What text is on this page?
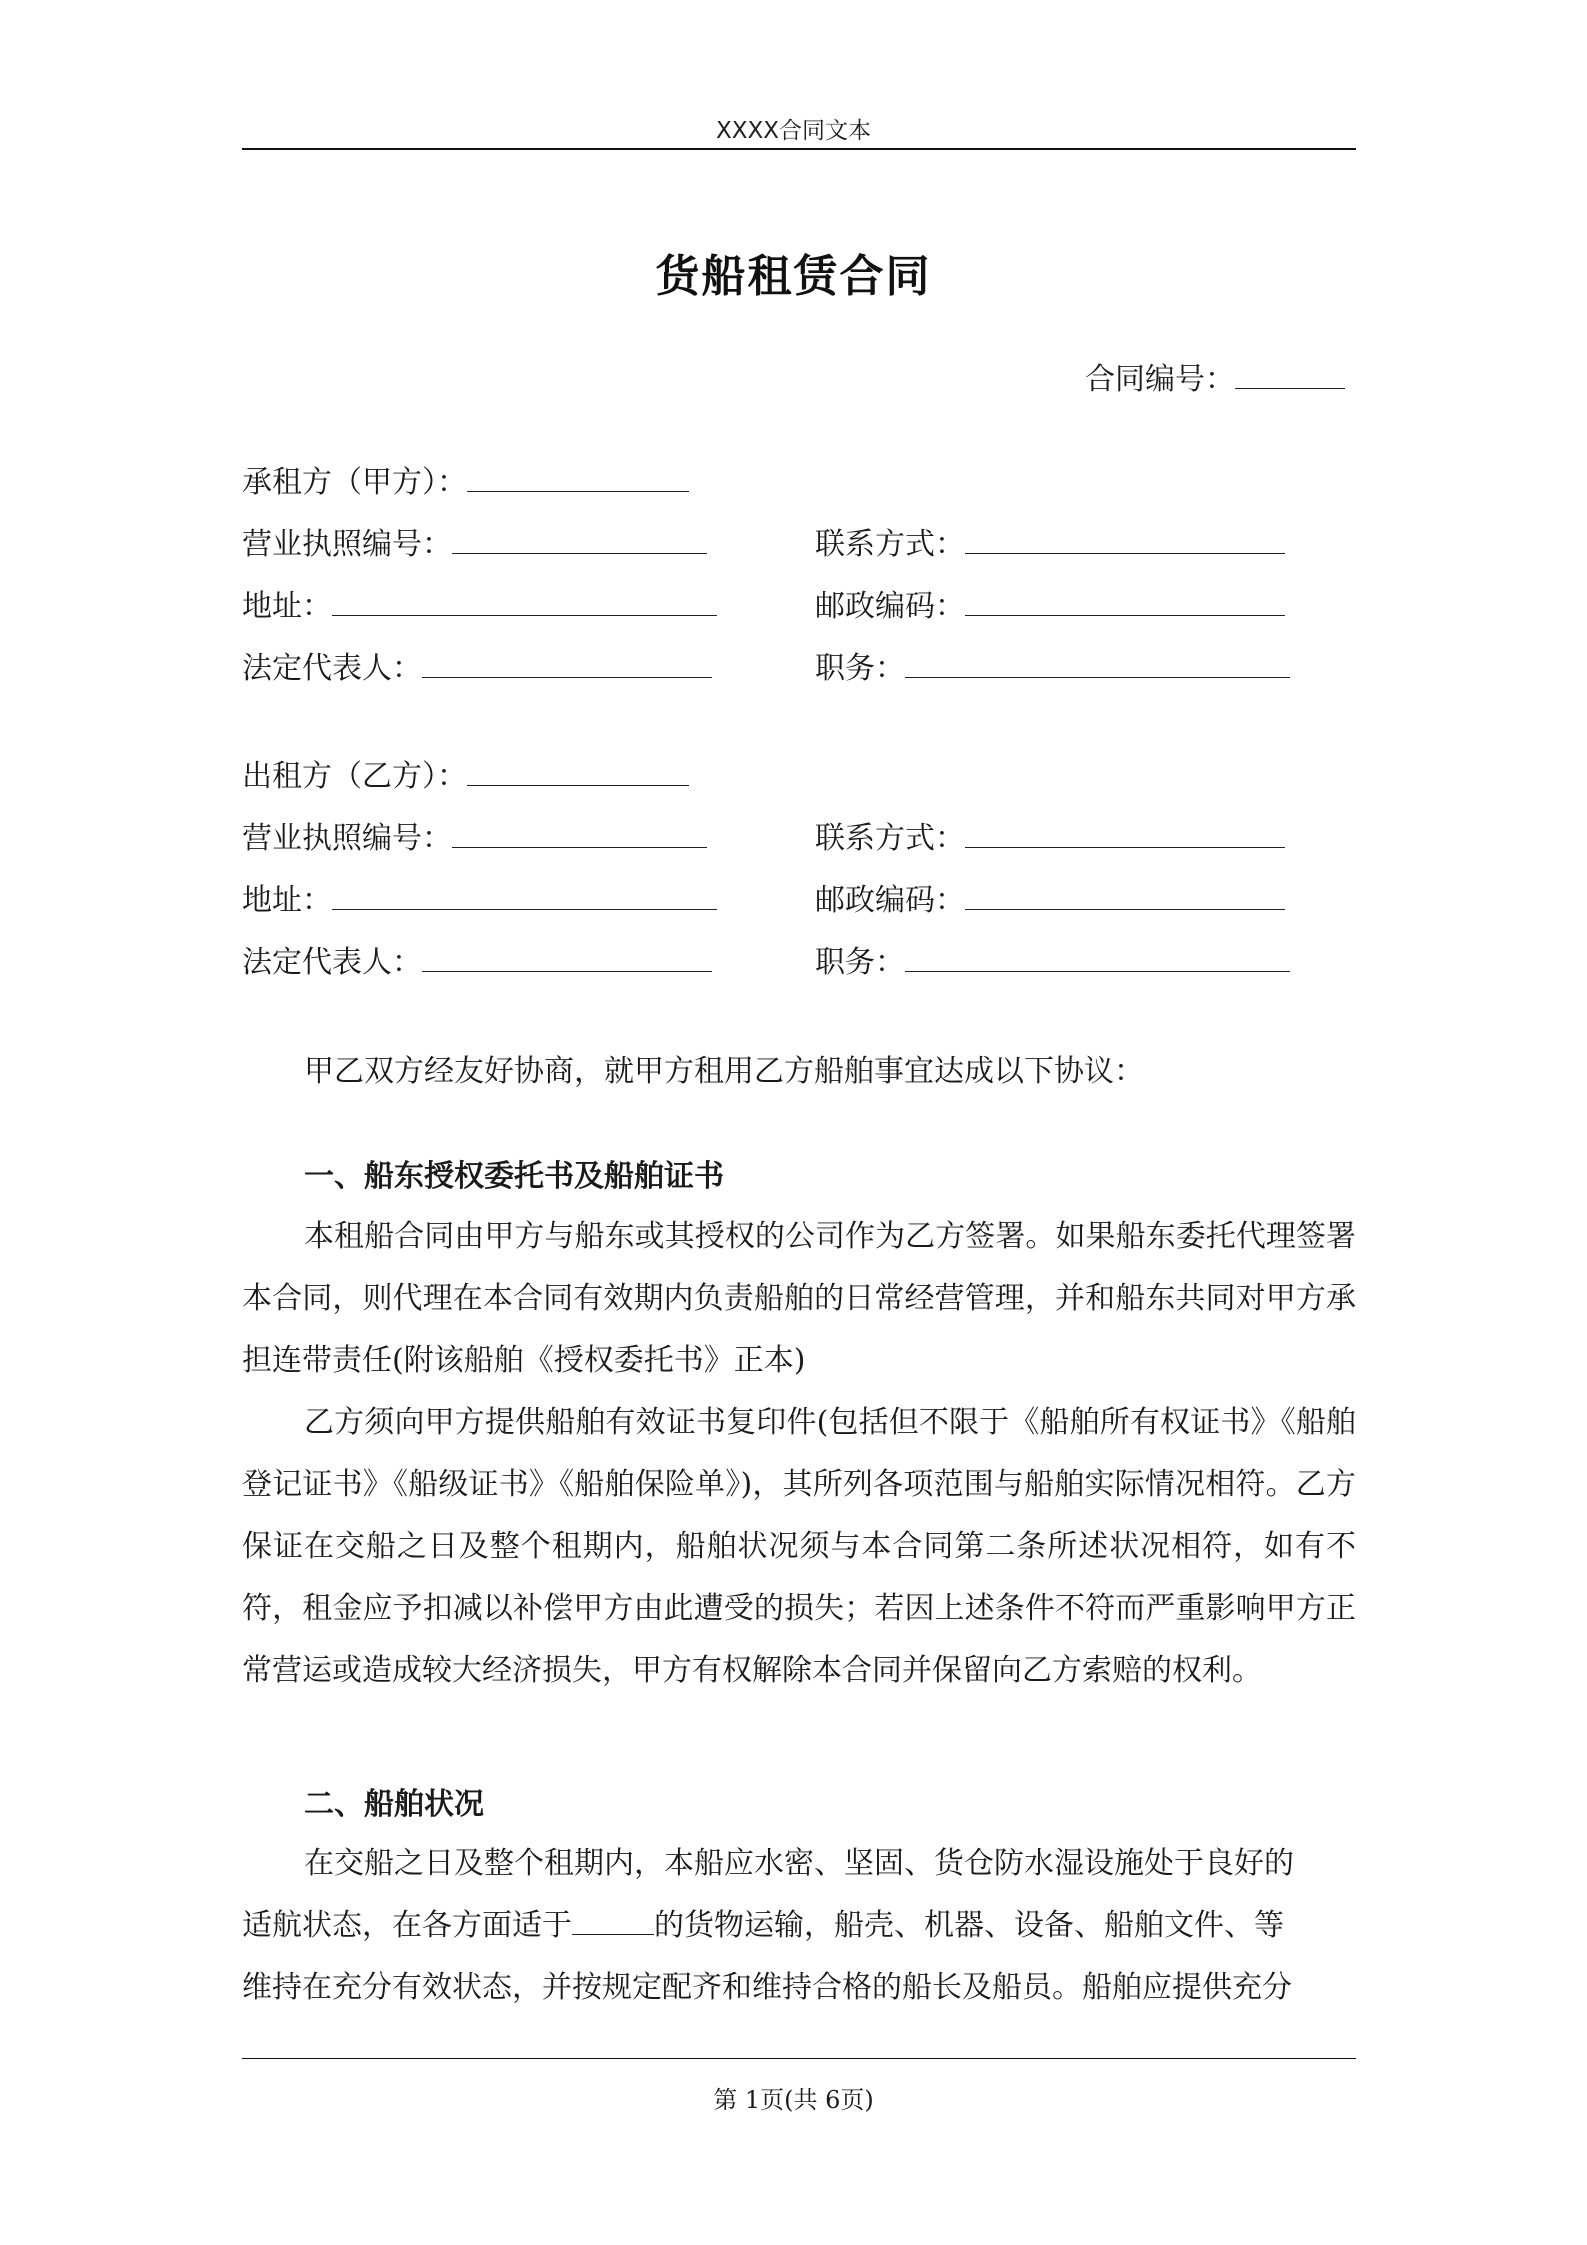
XXXX合同文本
货船租赁合同
合同编号：
承租方（甲方）：
营业执照编号：	联系方式：
地址：	邮政编码：
法定代表人：	职务：
出租方（乙方）：
营业执照编号：	联系方式：
地址：	邮政编码：
法定代表人：	职务：
甲乙双方经友好协商，就甲方租用乙方船舶事宜达成以下协议：
一、船东授权委托书及船舶证书

本租船合同由甲方与船东或其授权的公司作为乙方签署。如果船东委托代理签署本合同，则代理在本合同有效期内负责船舶的日常经营管理，并和船东共同对甲方承担连带责任(附该船舶《授权委托书》正本)

乙方须向甲方提供船舶有效证书复印件(包括但不限于《船舶所有权证书》《船舶登记证书》《船级证书》《船舶保险单》)，其所列各项范围与船舶实际情况相符。乙方保证在交船之日及整个租期内，船舶状况须与本合同第二条所述状况相符，如有不符，租金应予扣减以补偿甲方由此遭受的损失；若因上述条件不符而严重影响甲方正常营运或造成较大经济损失，甲方有权解除本合同并保留向乙方索赔的权利。

二、船舶状况
在交船之日及整个租期内，本船应水密、坚固、货仓防水湿设施处于良好的
适航状态，在各方面适于	的货物运输，船壳、机器、设备、船舶文件、等
维持在充分有效状态，并按规定配齐和维持合格的船长及船员。船舶应提供充分
第 1页(共 6页)
